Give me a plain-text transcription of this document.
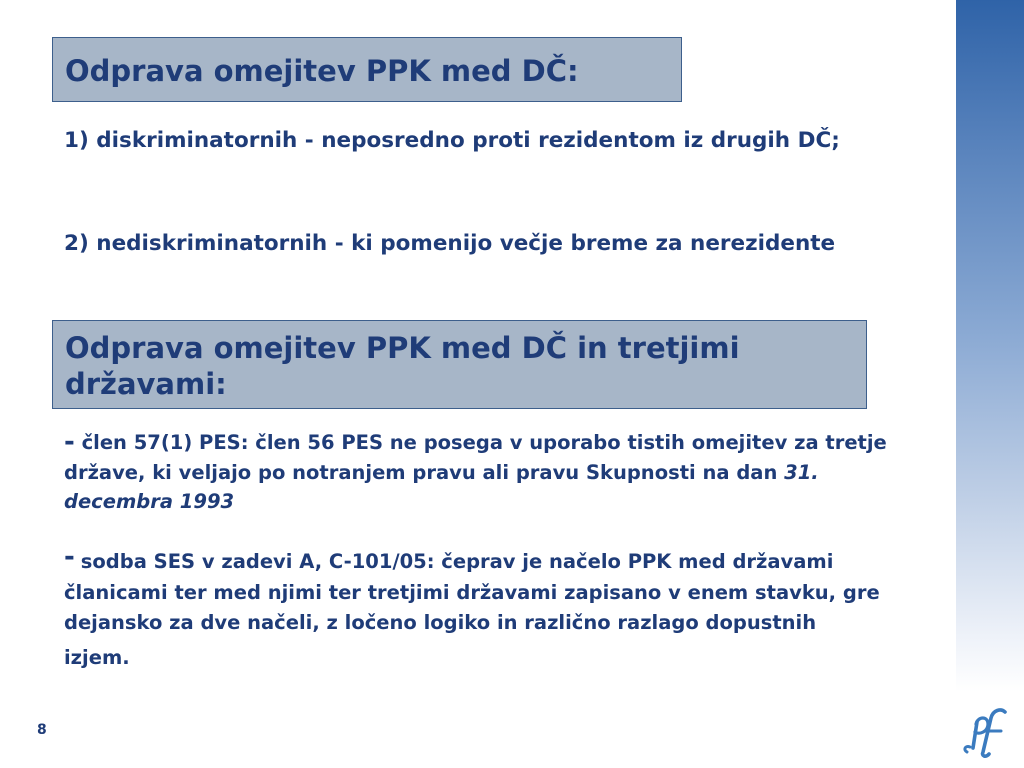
Odprava omejitev PPK med DČ:

1) diskriminatornih - neposredno proti rezidentom iz drugih DČ;

2) nediskriminatornih - ki pomenijo večje breme za nerezidente

Odprava omejitev PPK med DČ in tretjimi državami:

- člen 57(1) PES: člen 56 PES ne posega v uporabo tistih omejitev za tretje države, ki veljajo po notranjem pravu ali pravu Skupnosti na dan 31. decembra 1993

- sodba SES v zadevi A, C-101/05: čeprav je načelo PPK med državami članicami ter med njimi ter tretjimi državami zapisano v enem stavku, gre dejansko za dve načeli, z ločeno logiko in različno razlago dopustnih
izjem.

8
